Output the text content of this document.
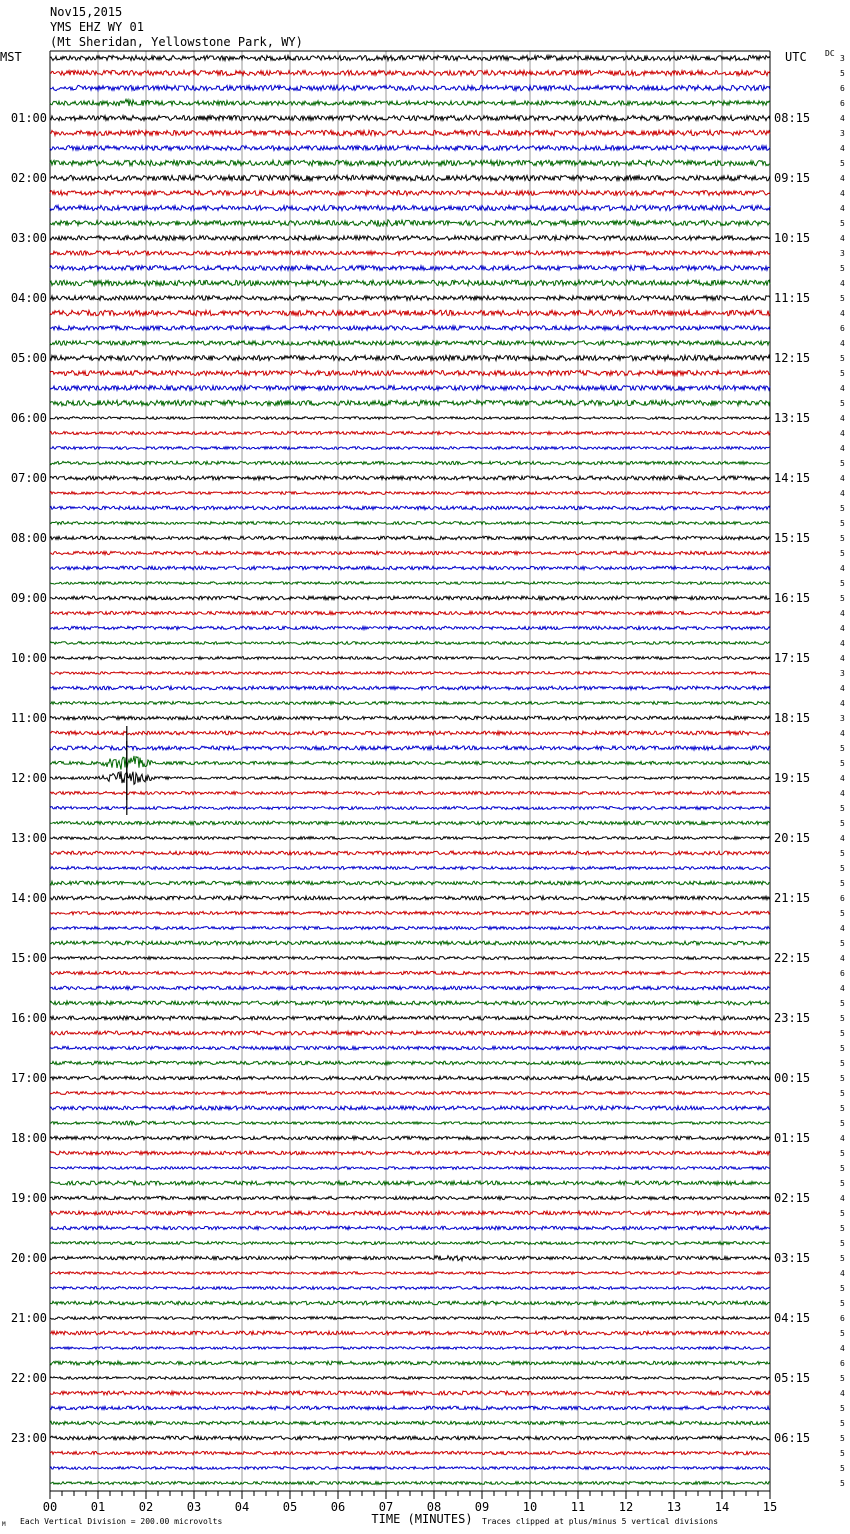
Nov15,2015
YMS EHZ WY 01
(Mt Sheridan, Yellowstone Park, WY)
MST	UTC DC
01:00
02:00
03:00
04:00
05:00
06:00
07:00
08:00
09:00
10:00
11:00
12:00
13:00
14:00
15:00
16:00
17:00
18:00
19:00
20:00
21:00
22:00
23:00
08:15
09:15
10:15
11:15
12:15
13:15
14:15
15:15
16:15
17:15
18:15
19:15
20:15
21:15
22:15
23:15
00:15
01:15
02:15
03:15
04:15
05:15
06:15
3
5
6
6
4
3
4
5
4
4
4
5
4
3
5
4
5
4
6
4
5
5
4
5
4
4
4
5
4
4
5
5
5
5
4
5
5
4
4
4
4
3
4
4
3
4
5
5
4
4
5
5
4
5
5
5
6
5
4
5
4
6
4
5
5
5
5
5
5
5
5
5
4
5
5
5
4
5
5
5
5
4
5
5
6
5
4
6
5
4
5
5
5
5
5
5
00	01	02	03	04	05	06	07	08	09	10	11	12	13	14	15
TIME (MINUTES)
Each Vertical Division = 200.00 microvolts	Traces clipped at plus/minus 5 vertical divisions
M
